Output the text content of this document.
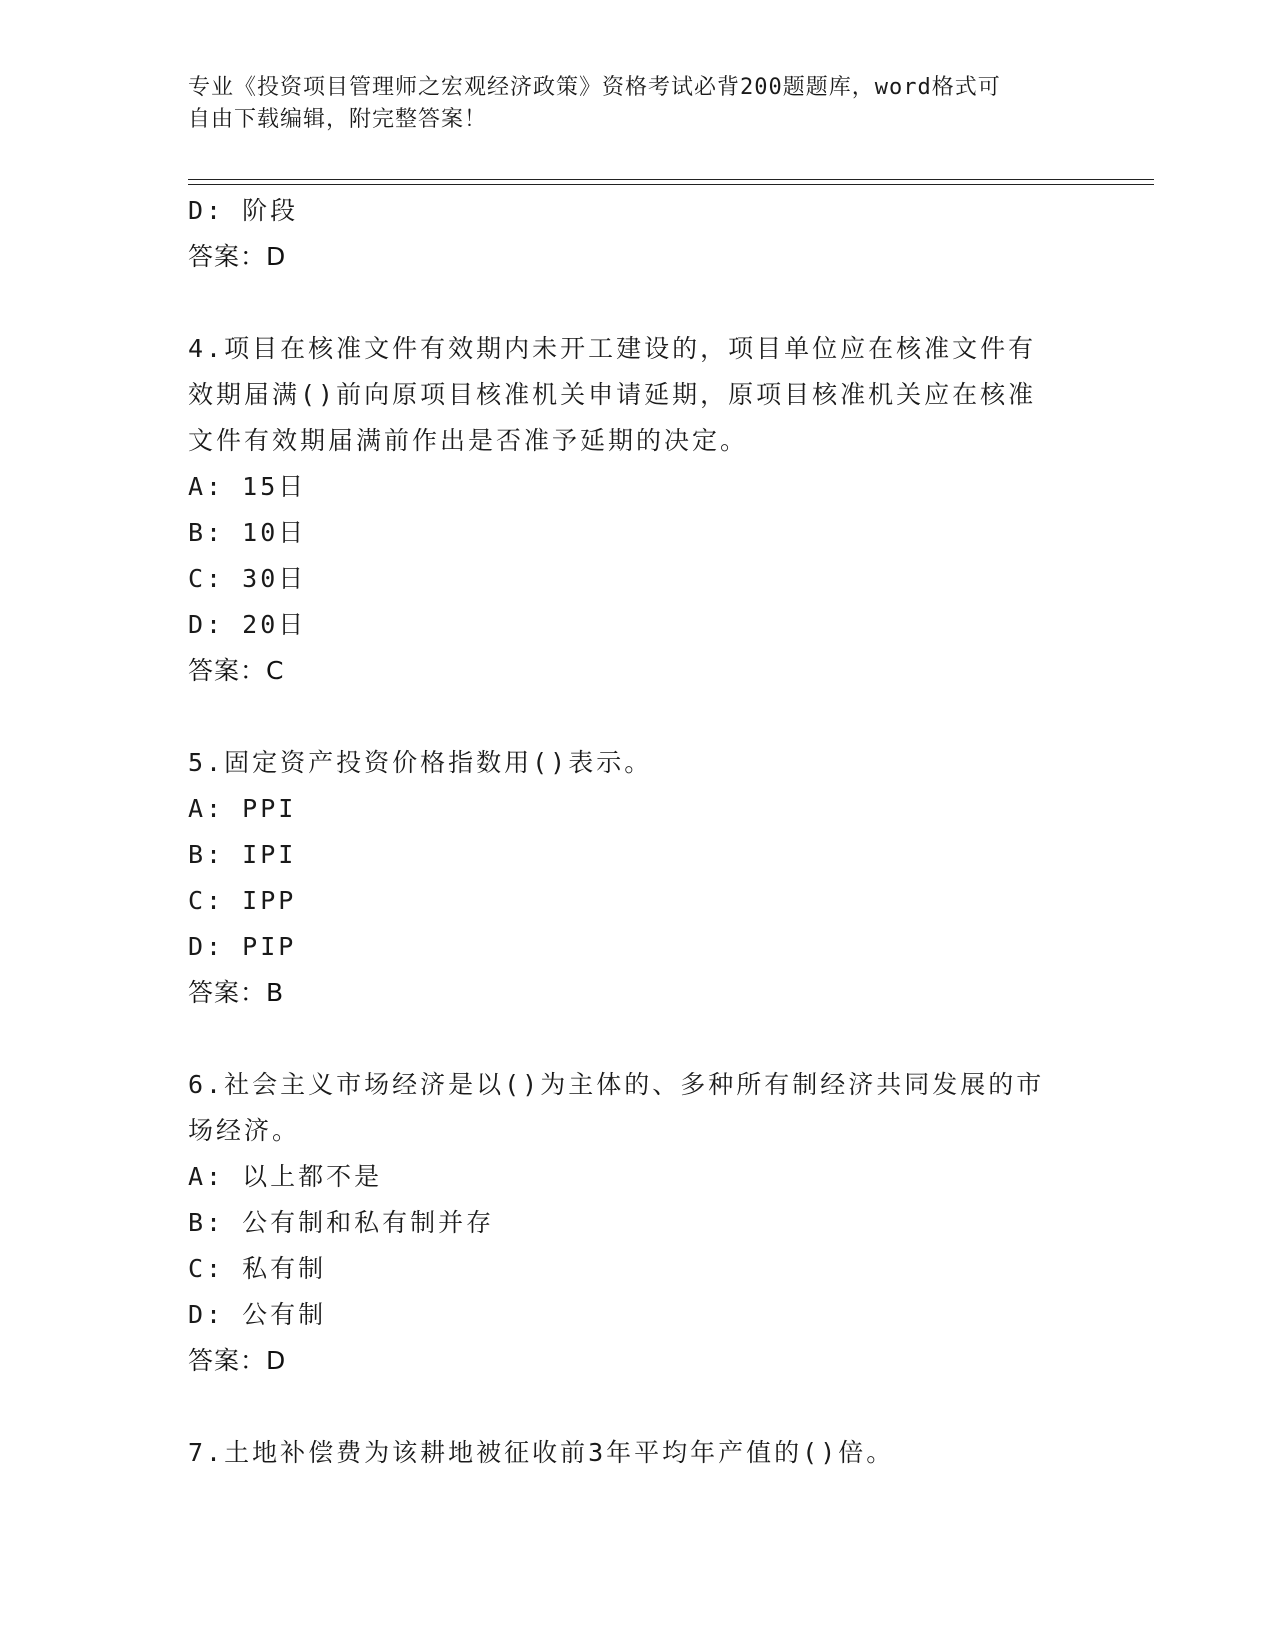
专业《投资项目管理师之宏观经济政策》资格考试必背200题题库，word格式可
自由下载编辑，附完整答案！
D: 阶段
答案：D
4.项目在核准文件有效期内未开工建设的，项目单位应在核准文件有
效期届满()前向原项目核准机关申请延期，原项目核准机关应在核准
文件有效期届满前作出是否准予延期的决定。
A: 15日
B: 10日
C: 30日
D: 20日
答案：C
5.固定资产投资价格指数用()表示。
A: PPI
B: IPI
C: IPP
D: PIP
答案：B
6.社会主义市场经济是以()为主体的、多种所有制经济共同发展的市
场经济。
A: 以上都不是
B: 公有制和私有制并存
C: 私有制
D: 公有制
答案：D
7.土地补偿费为该耕地被征收前3年平均年产值的()倍。
